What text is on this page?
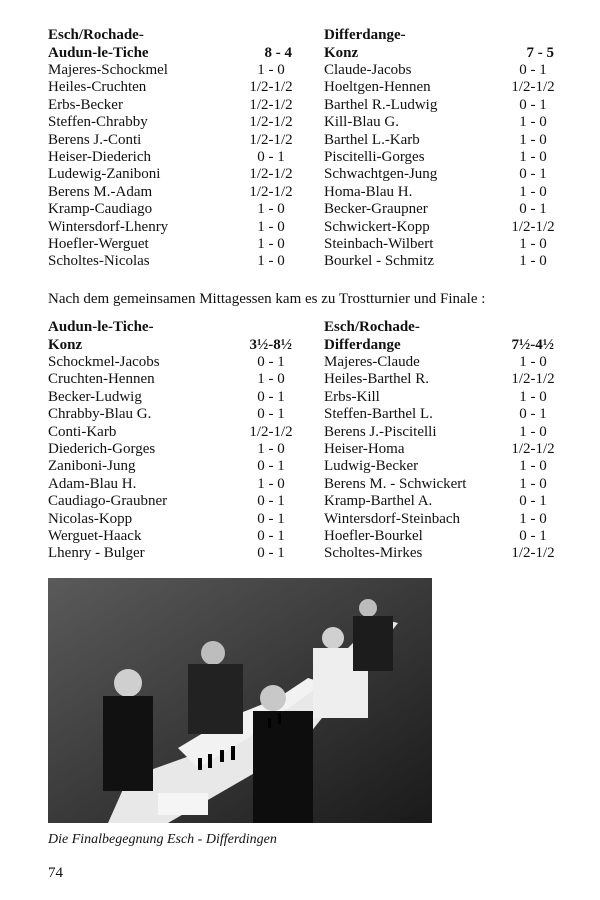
Esch/Rochade-
Audun-le-Tiche	8 - 4
Majeres-Schockmel	1 - 0
Heiles-Cruchten	1/2-1/2
Erbs-Becker	1/2-1/2
Steffen-Chrabby	1/2-1/2
Berens J.-Conti	1/2-1/2
Heiser-Diederich	0 - 1
Ludewig-Zaniboni	1/2-1/2
Berens M.-Adam	1/2-1/2
Kramp-Caudiago	1 - 0
Wintersdorf-Lhenry	1 - 0
Hoefler-Werguet	1 - 0
Scholtes-Nicolas	1 - 0
Differdange-
Konz	7 - 5
Claude-Jacobs	0 - 1
Hoeltgen-Hennen	1/2-1/2
Barthel R.-Ludwig	0 - 1
Kill-Blau G.	1 - 0
Barthel L.-Karb	1 - 0
Piscitelli-Gorges	1 - 0
Schwachtgen-Jung	0 - 1
Homa-Blau H.	1 - 0
Becker-Graupner	0 - 1
Schwickert-Kopp	1/2-1/2
Steinbach-Wilbert	1 - 0
Bourkel - Schmitz	1 - 0
Nach dem gemeinsamen Mittagessen kam es zu Trostturnier und Finale :
Audun-le-Tiche-
Konz	3½-8½
Schockmel-Jacobs	0 - 1
Cruchten-Hennen	1 - 0
Becker-Ludwig	0 - 1
Chrabby-Blau G.	0 - 1
Conti-Karb	1/2-1/2
Diederich-Gorges	1 - 0
Zaniboni-Jung	0 - 1
Adam-Blau H.	1 - 0
Caudiago-Graubner	0 - 1
Nicolas-Kopp	0 - 1
Werguet-Haack	0 - 1
Lhenry - Bulger	0 - 1
Esch/Rochade-
Differdange	7½-4½
Majeres-Claude	1 - 0
Heiles-Barthel R.	1/2-1/2
Erbs-Kill	1 - 0
Steffen-Barthel L.	0 - 1
Berens J.-Piscitelli	1 - 0
Heiser-Homa	1/2-1/2
Ludwig-Becker	1 - 0
Berens M. - Schwickert	1 - 0
Kramp-Barthel A.	0 - 1
Wintersdorf-Steinbach	1 - 0
Hoefler-Bourkel	0 - 1
Scholtes-Mirkes	1/2-1/2
Die Finalbegegnung Esch - Differdingen
74
